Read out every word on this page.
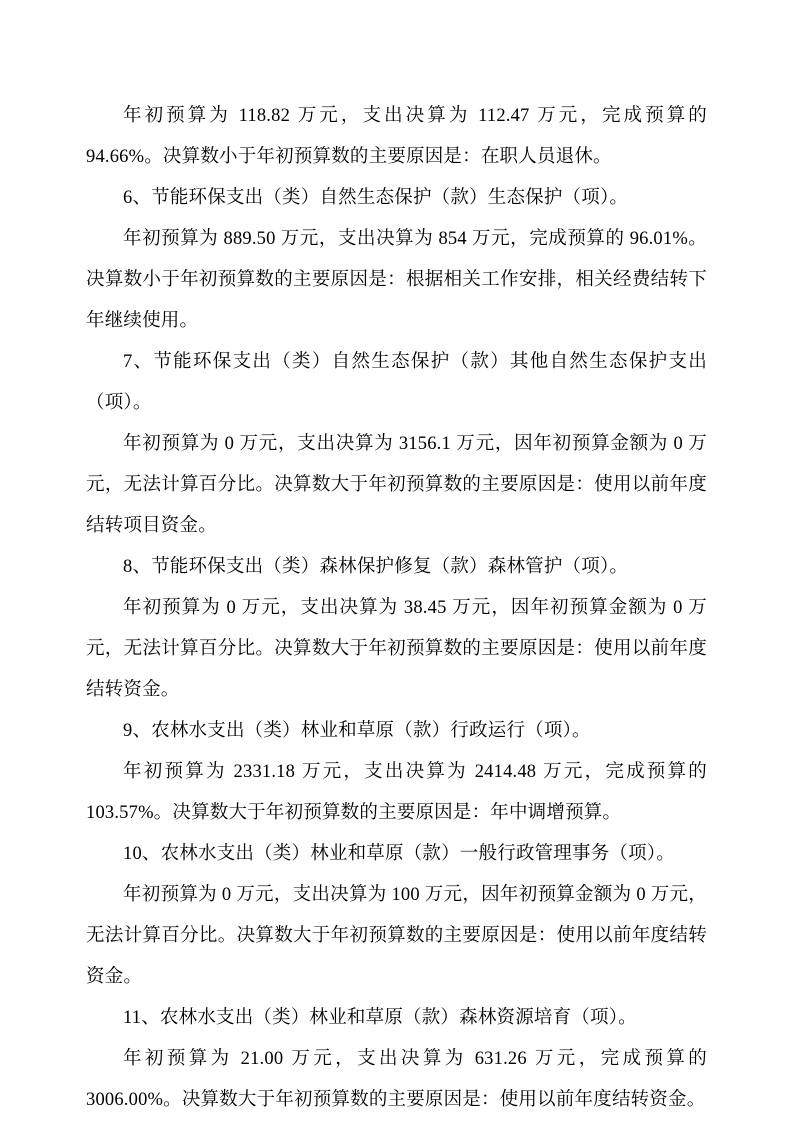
年初预算为 118.82 万元，支出决算为 112.47 万元，完成预算的 94.66%。决算数小于年初预算数的主要原因是：在职人员退休。

6、节能环保支出（类）自然生态保护（款）生态保护（项）。

年初预算为 889.50 万元，支出决算为 854 万元，完成预算的 96.01%。决算数小于年初预算数的主要原因是：根据相关工作安排，相关经费结转下年继续使用。

7、节能环保支出（类）自然生态保护（款）其他自然生态保护支出（项）。

年初预算为 0 万元，支出决算为 3156.1 万元，因年初预算金额为 0 万元，无法计算百分比。决算数大于年初预算数的主要原因是：使用以前年度结转项目资金。

8、节能环保支出（类）森林保护修复（款）森林管护（项）。

年初预算为 0 万元，支出决算为 38.45 万元，因年初预算金额为 0 万元，无法计算百分比。决算数大于年初预算数的主要原因是：使用以前年度结转资金。

9、农林水支出（类）林业和草原（款）行政运行（项）。

年初预算为 2331.18 万元，支出决算为 2414.48 万元，完成预算的 103.57%。决算数大于年初预算数的主要原因是：年中调增预算。

10、农林水支出（类）林业和草原（款）一般行政管理事务（项）。

年初预算为 0 万元，支出决算为 100 万元，因年初预算金额为 0 万元，无法计算百分比。决算数大于年初预算数的主要原因是：使用以前年度结转资金。

11、农林水支出（类）林业和草原（款）森林资源培育（项）。

年初预算为 21.00 万元，支出决算为 631.26 万元，完成预算的 3006.00%。决算数大于年初预算数的主要原因是：使用以前年度结转资金。
